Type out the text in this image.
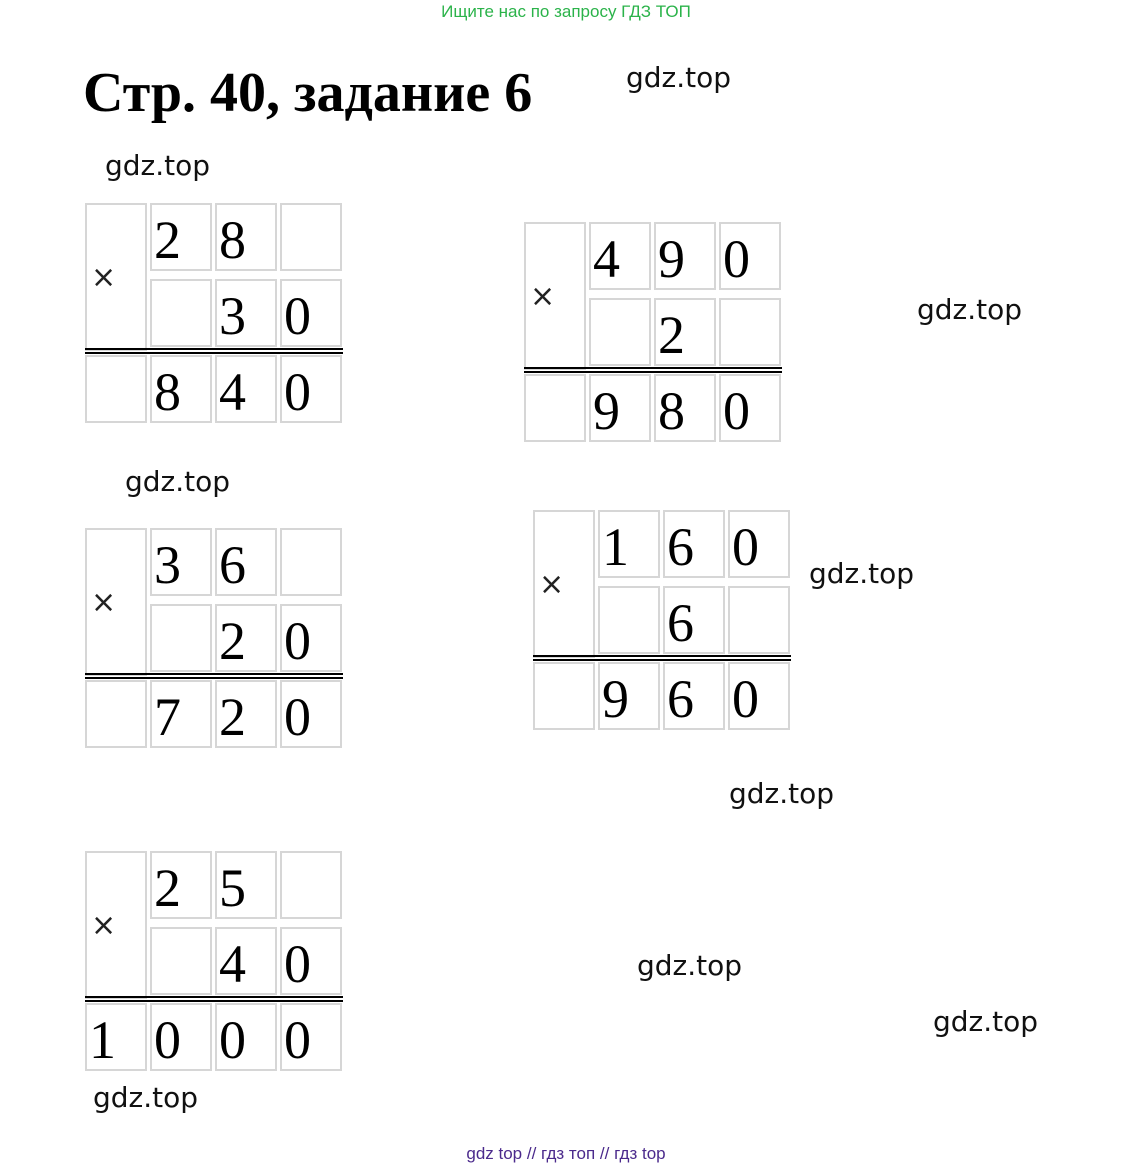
Ищите нас по запросу ГДЗ ТОП
Стр. 40, задание 6	gdz.top
gdz.top
gdz.top
gdz.top
gdz.top
gdz.top
gdz.top
gdz.top
gdz.top
×
2 8
3 0
8 4 0
×
4 9 0
2
9 8 0
×
3 6
2 0
7 2 0
×
1 6 0
6
9 6 0
×
2 5
4 0
1 0 0 0
gdz top // гдз топ // гдз top
